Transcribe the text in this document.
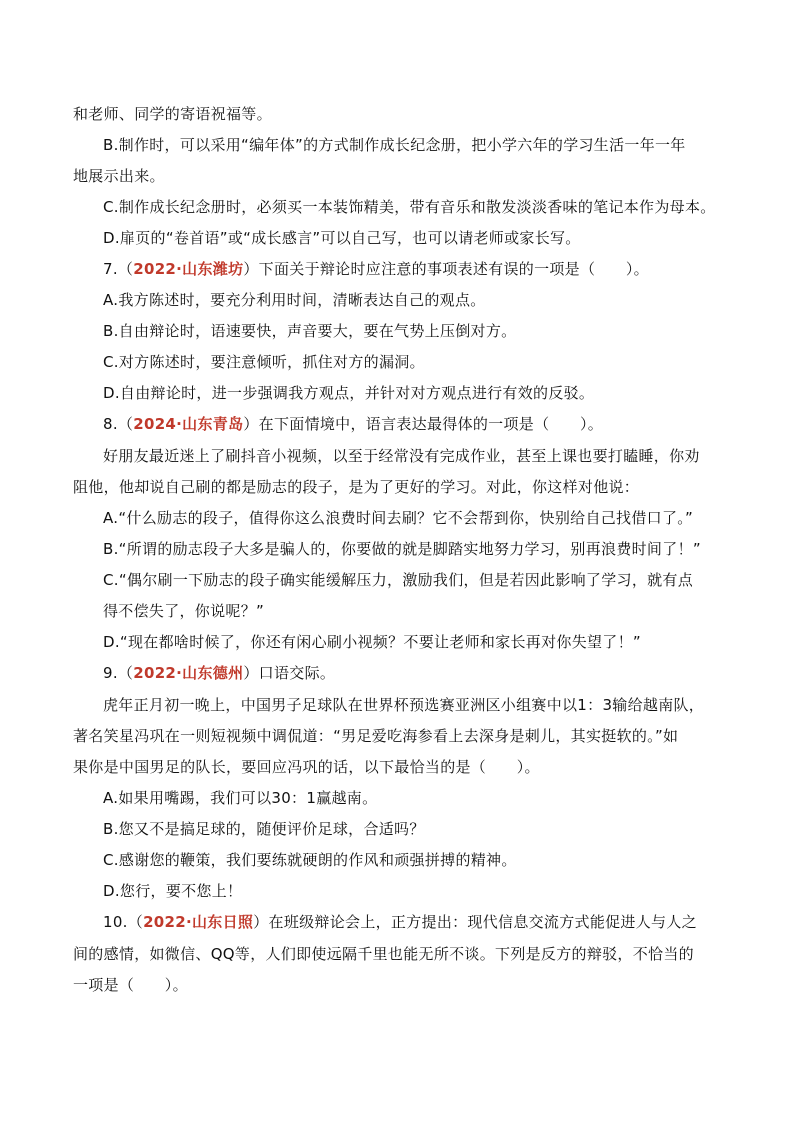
和老师、同学的寄语祝福等。
B.制作时，可以采用“编年体”的方式制作成长纪念册，把小学六年的学习生活一年一年
地展示出来。
C.制作成长纪念册时，必须买一本装饰精美，带有音乐和散发淡淡香味的笔记本作为母本。
D.扉页的“卷首语”或“成长感言”可以自己写，也可以请老师或家长写。
7.（2022·山东潍坊）下面关于辩论时应注意的事项表述有误的一项是（　　）。
A.我方陈述时，要充分利用时间，清晰表达自己的观点。
B.自由辩论时，语速要快，声音要大，要在气势上压倒对方。
C.对方陈述时，要注意倾听，抓住对方的漏洞。
D.自由辩论时，进一步强调我方观点，并针对对方观点进行有效的反驳。
8.（2024·山东青岛）在下面情境中，语言表达最得体的一项是（　　）。
好朋友最近迷上了刷抖音小视频，以至于经常没有完成作业，甚至上课也要打瞌睡，你劝
阻他，他却说自己刷的都是励志的段子，是为了更好的学习。对此，你这样对他说：
A.“什么励志的段子，值得你这么浪费时间去刷？它不会帮到你，快别给自己找借口了。”
B.“所谓的励志段子大多是骗人的，你要做的就是脚踏实地努力学习，别再浪费时间了！”
C.“偶尔刷一下励志的段子确实能缓解压力，激励我们，但是若因此影响了学习，就有点
得不偿失了，你说呢？”
D.“现在都啥时候了，你还有闲心刷小视频？不要让老师和家长再对你失望了！”
9.（2022·山东德州）口语交际。
虎年正月初一晚上，中国男子足球队在世界杯预选赛亚洲区小组赛中以1：3输给越南队，
著名笑星冯巩在一则短视频中调侃道：“男足爱吃海参看上去深身是刺儿，其实挺软的。”如
果你是中国男足的队长，要回应冯巩的话，以下最恰当的是（　　）。
A.如果用嘴踢，我们可以30：1赢越南。
B.您又不是搞足球的，随便评价足球，合适吗？
C.感谢您的鞭策，我们要练就硬朗的作风和顽强拼搏的精神。
D.您行，要不您上！
10.（2022·山东日照）在班级辩论会上，正方提出：现代信息交流方式能促进人与人之
间的感情，如微信、QQ等，人们即使远隔千里也能无所不谈。下列是反方的辩驳，不恰当的
一项是（　　）。
